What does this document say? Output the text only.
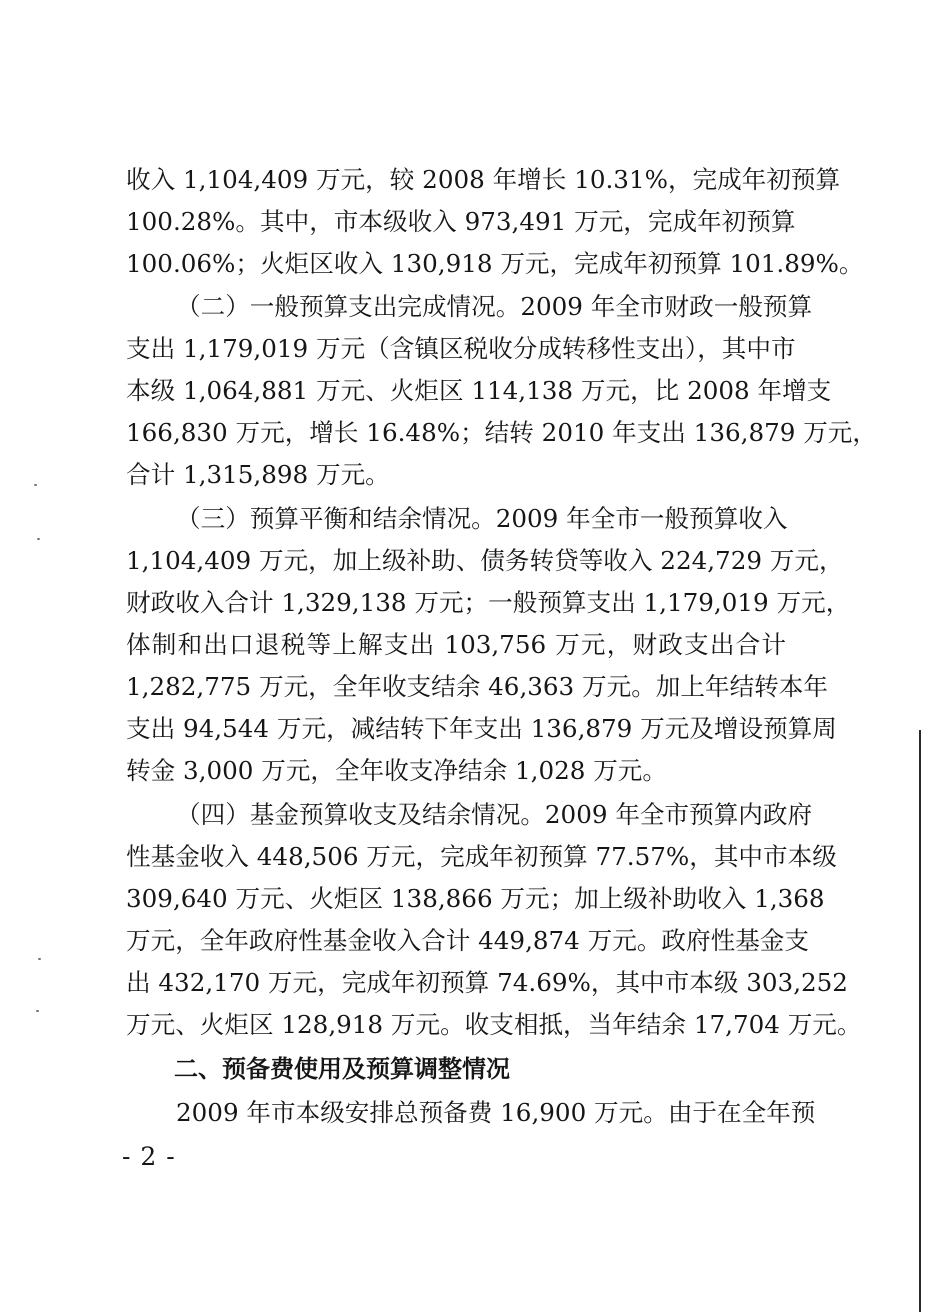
收入 1,104,409 万元，较 2008 年增长 10.31%，完成年初预算
100.28%。其中，市本级收入 973,491 万元，完成年初预算
100.06%；火炬区收入 130,918 万元，完成年初预算 101.89%。
（二）一般预算支出完成情况。2009 年全市财政一般预算
支出 1,179,019 万元（含镇区税收分成转移性支出），其中市
本级 1,064,881 万元、火炬区 114,138 万元，比 2008 年增支
166,830 万元，增长 16.48%；结转 2010 年支出 136,879 万元，
合计 1,315,898 万元。
（三）预算平衡和结余情况。2009 年全市一般预算收入
1,104,409 万元，加上级补助、债务转贷等收入 224,729 万元，
财政收入合计 1,329,138 万元；一般预算支出 1,179,019 万元，
体制和出口退税等上解支出 103,756 万元，财政支出合计
1,282,775 万元，全年收支结余 46,363 万元。加上年结转本年
支出 94,544 万元，减结转下年支出 136,879 万元及增设预算周
转金 3,000 万元，全年收支净结余 1,028 万元。
（四）基金预算收支及结余情况。2009 年全市预算内政府
性基金收入 448,506 万元，完成年初预算 77.57%，其中市本级
309,640 万元、火炬区 138,866 万元；加上级补助收入 1,368
万元，全年政府性基金收入合计 449,874 万元。政府性基金支
出 432,170 万元，完成年初预算 74.69%，其中市本级 303,252
万元、火炬区 128,918 万元。收支相抵，当年结余 17,704 万元。
二、预备费使用及预算调整情况
2009 年市本级安排总预备费 16,900 万元。由于在全年预
- 2 -
